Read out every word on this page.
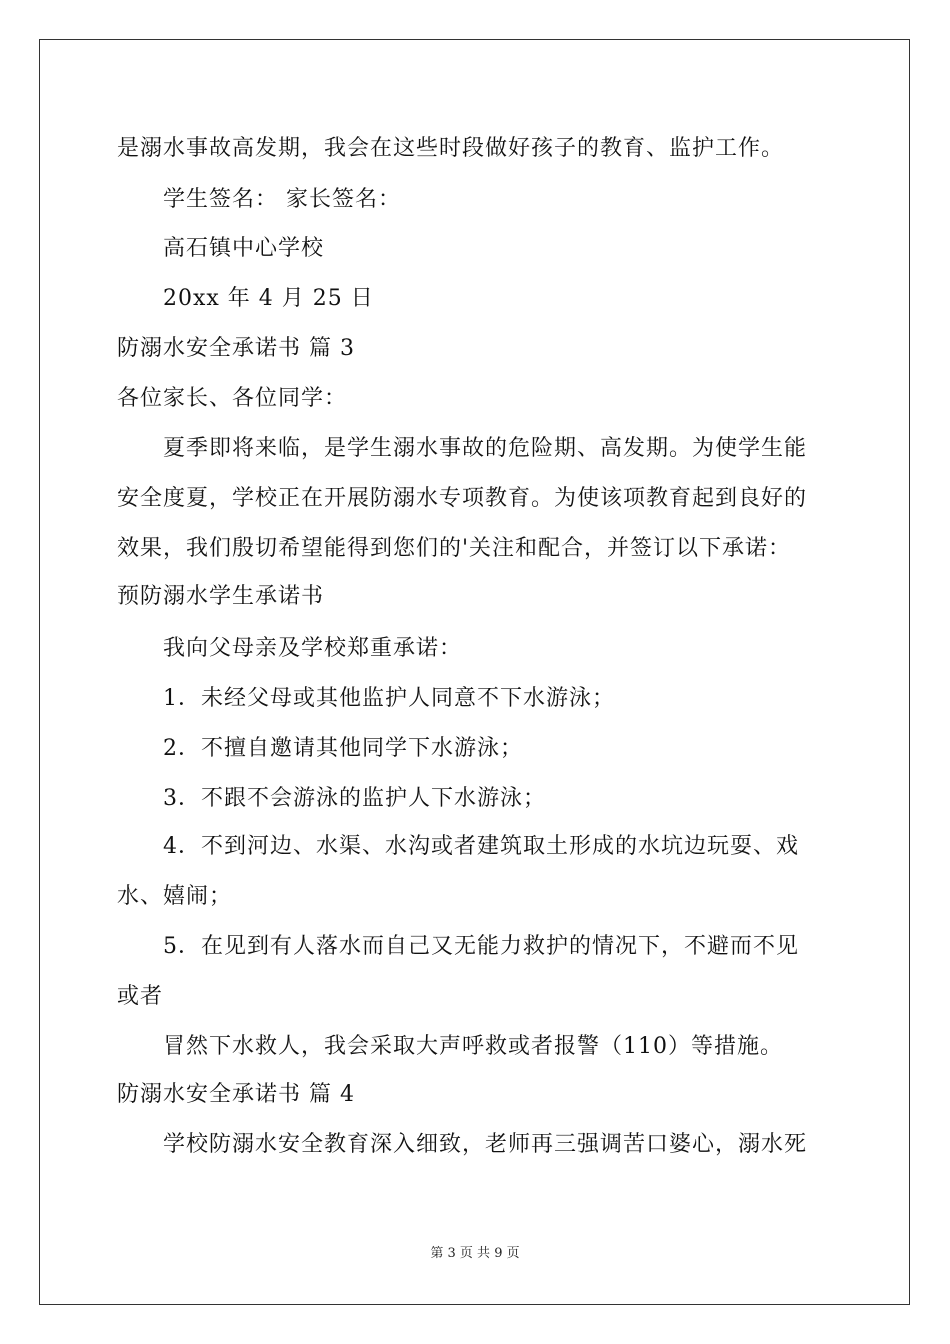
是溺水事故高发期，我会在这些时段做好孩子的教育、监护工作。
学生签名： 家长签名：
高石镇中心学校
20xx 年 4 月 25 日
防溺水安全承诺书 篇 3
各位家长、各位同学：
夏季即将来临，是学生溺水事故的危险期、高发期。为使学生能
安全度夏，学校正在开展防溺水专项教育。为使该项教育起到良好的
效果，我们殷切希望能得到您们的'关注和配合，并签订以下承诺：
预防溺水学生承诺书
我向父母亲及学校郑重承诺：
1．未经父母或其他监护人同意不下水游泳；
2．不擅自邀请其他同学下水游泳；
3．不跟不会游泳的监护人下水游泳；
4．不到河边、水渠、水沟或者建筑取土形成的水坑边玩耍、戏
水、嬉闹；
5．在见到有人落水而自己又无能力救护的情况下，不避而不见
或者
冒然下水救人，我会采取大声呼救或者报警（110）等措施。
防溺水安全承诺书 篇 4
学校防溺水安全教育深入细致，老师再三强调苦口婆心，溺水死
第 3 页 共 9 页
